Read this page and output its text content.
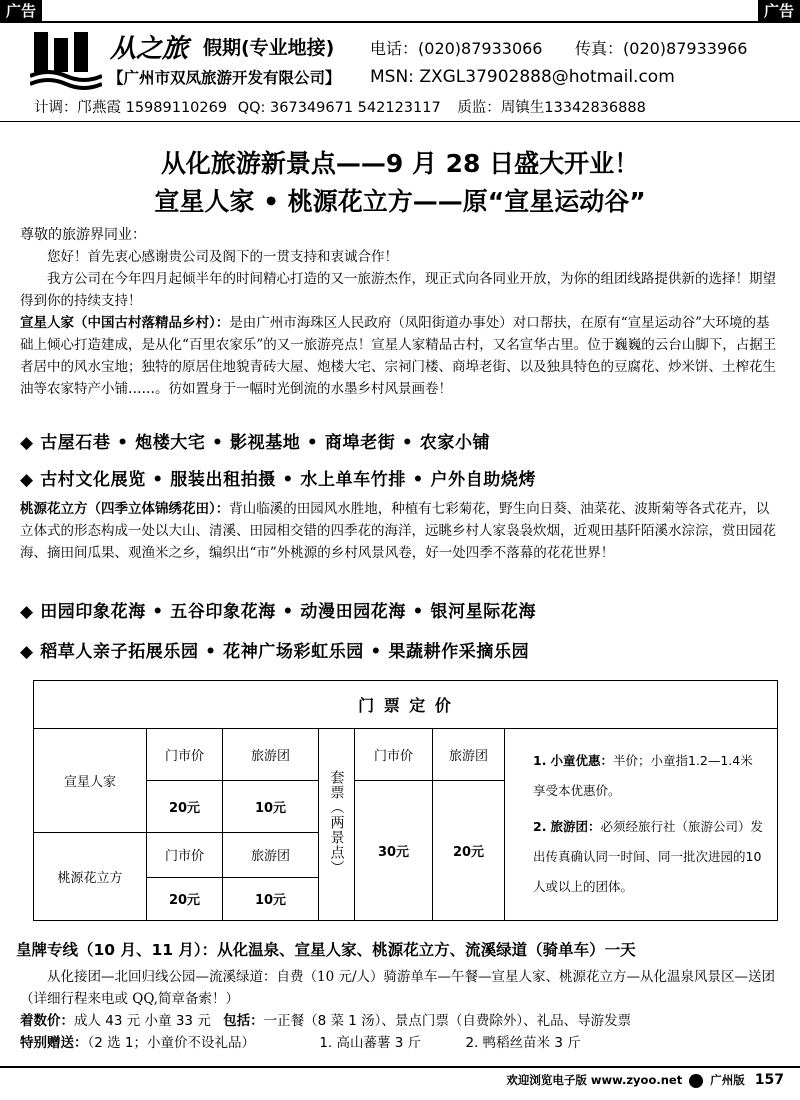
广告	广告
从之旅 假期(专业地接)
【广州市双凤旅游开发有限公司】
电话：(020)87933066 传真：(020)87933966
MSN: ZXGL37902888@hotmail.com
计调：邝燕霞 15989110269 QQ: 367349671 542123117 质监：周镇生13342836888
从化旅游新景点——9 月 28 日盛大开业！
宣星人家 • 桃源花立方——原“宣星运动谷”

尊敬的旅游界同业：

您好！首先衷心感谢贵公司及阁下的一贯支持和衷诚合作！

我方公司在今年四月起倾半年的时间精心打造的又一旅游杰作，现正式向各同业开放，为你的组团线路提供新的选择！期望得到你的持续支持！

宣星人家（中国古村落精品乡村）：是由广州市海珠区人民政府（凤阳街道办事处）对口帮扶，在原有“宣星运动谷”大环境的基础上倾心打造建成，是从化“百里农家乐”的又一旅游亮点！宣星人家精品古村，又名宣华古里。位于巍巍的云台山脚下，占据王者居中的风水宝地；独特的原居住地貌青砖大屋、炮楼大宅、宗祠门楼、商埠老街、以及独具特色的豆腐花、炒米饼、土榨花生油等农家特产小铺……。彷如置身于一幅时光倒流的水墨乡村风景画卷！

◆ 古屋石巷 • 炮楼大宅 • 影视基地 • 商埠老街 • 农家小铺
◆ 古村文化展览 • 服装出租拍摄 • 水上单车竹排 • 户外自助烧烤

桃源花立方（四季立体锦绣花田）：背山临溪的田园风水胜地，种植有七彩菊花，野生向日葵、油菜花、波斯菊等各式花卉，以立体式的形态构成一处以大山、清溪、田园相交错的四季花的海洋，远眺乡村人家袅袅炊烟，近观田基阡陌溪水淙淙，赏田园花海、摘田间瓜果、观渔米之乡，编织出“市”外桃源的乡村风景风卷，好一处四季不落幕的花花世界！

◆ 田园印象花海 • 五谷印象花海 • 动漫田园花海 • 银河星际花海
◆ 稻草人亲子拓展乐园 • 花神广场彩虹乐园 • 果蔬耕作采摘乐园
门 票 定 价						
宣星人家	门市价	旅游团	套票（两景点）	门市价	旅游团	1. 小童优惠：半价；小童指1.2—1.4米享受本优惠价。
2. 旅游团：必须经旅行社（旅游公司）发出传真确认同一时间、同一批次进园的10人或以上的团体。

	20元	10元		30元	20元	
桃源花立方	门市价	旅游团				
	20元	10元				
皇牌专线（10 月、11 月）：从化温泉、宣星人家、桃源花立方、流溪绿道（骑单车）一天

从化接团—北回归线公园—流溪绿道：自费（10 元/人）骑游单车—午餐—宣星人家、桃源花立方—从化温泉风景区—送团（详细行程来电或 QQ,简章备索！）

着数价：成人 43 元 小童 33 元 包括：一正餐（8 菜 1 汤）、景点门票（自费除外）、礼品、导游发票

特别赠送：（2 选 1；小童价不设礼品）	1. 高山蕃薯 3 斤	2. 鸭稻丝苗米 3 斤

欢迎浏览电子版 www.zyoo.net 广州版 157
